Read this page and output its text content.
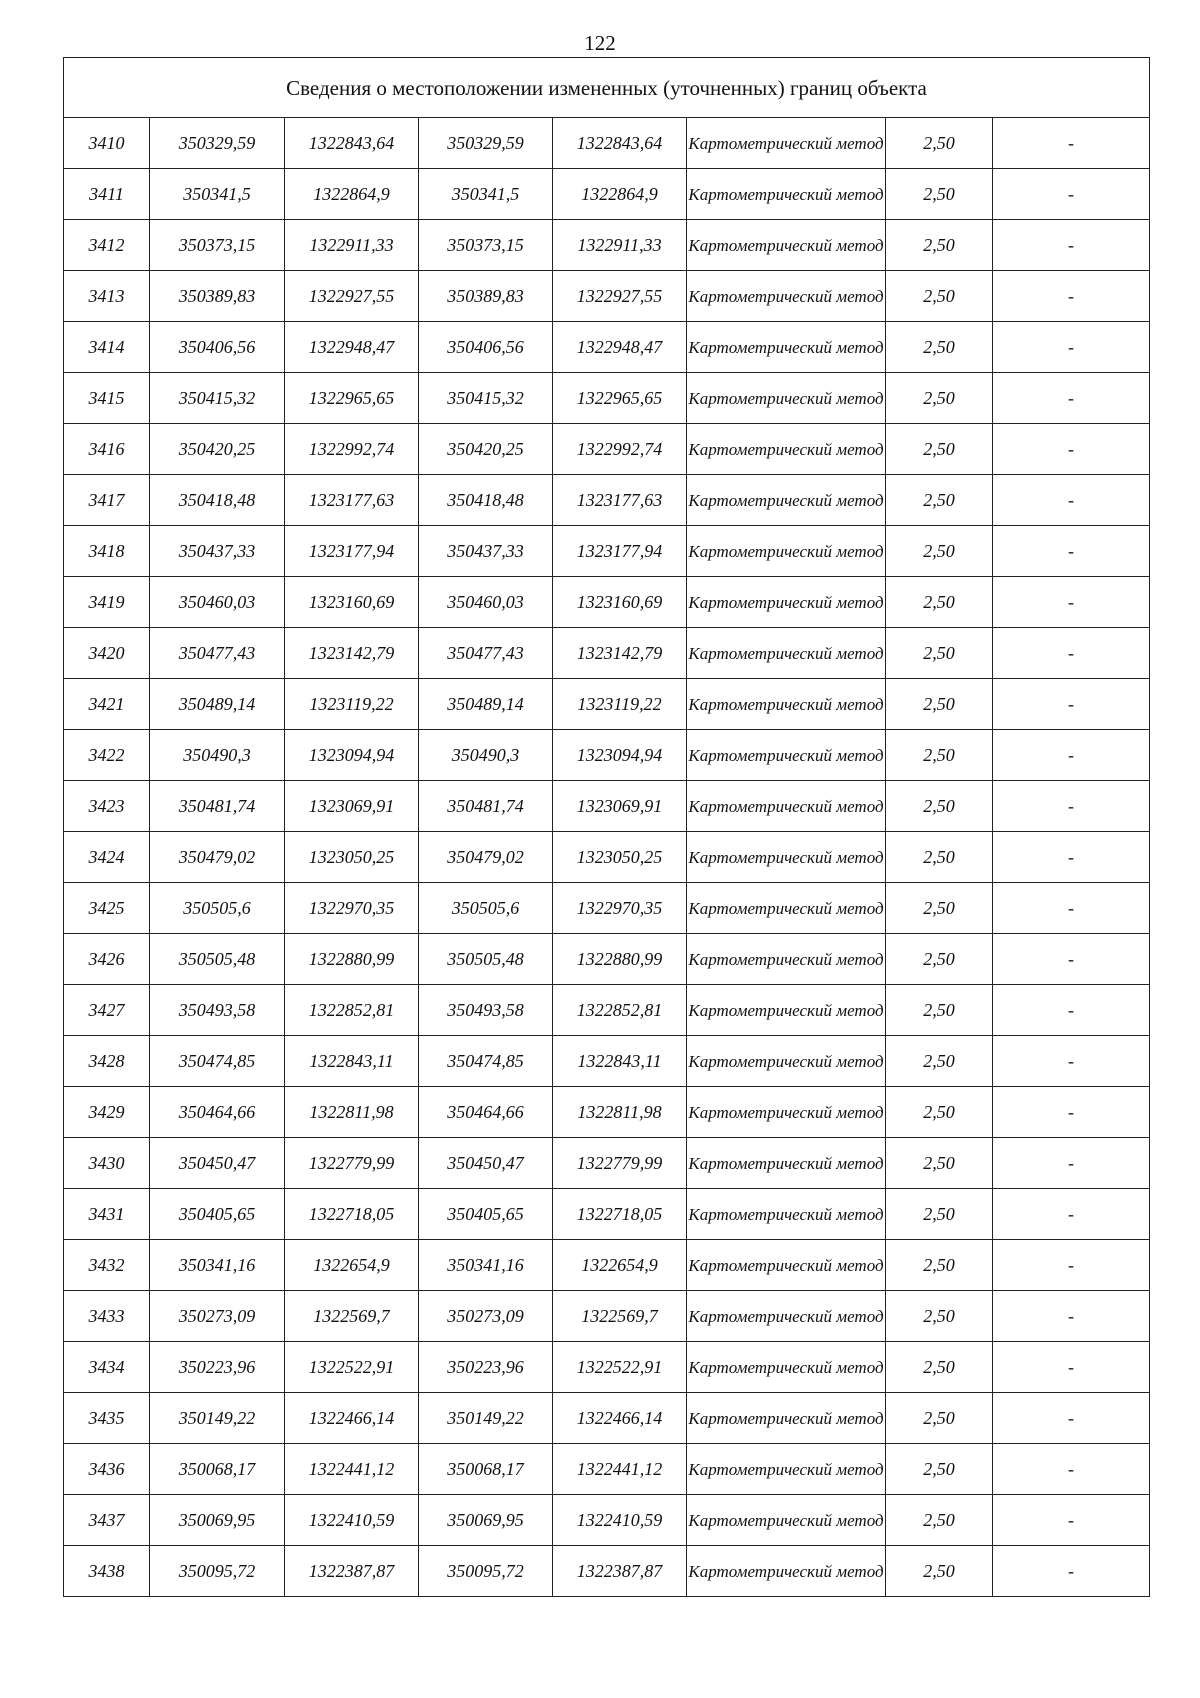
122
Сведения о местоположении измененных (уточненных) границ объекта							
3410	350329,59	1322843,64	350329,59	1322843,64	Картометрический метод	2,50	-
3411	350341,5	1322864,9	350341,5	1322864,9	Картометрический метод	2,50	-
3412	350373,15	1322911,33	350373,15	1322911,33	Картометрический метод	2,50	-
3413	350389,83	1322927,55	350389,83	1322927,55	Картометрический метод	2,50	-
3414	350406,56	1322948,47	350406,56	1322948,47	Картометрический метод	2,50	-
3415	350415,32	1322965,65	350415,32	1322965,65	Картометрический метод	2,50	-
3416	350420,25	1322992,74	350420,25	1322992,74	Картометрический метод	2,50	-
3417	350418,48	1323177,63	350418,48	1323177,63	Картометрический метод	2,50	-
3418	350437,33	1323177,94	350437,33	1323177,94	Картометрический метод	2,50	-
3419	350460,03	1323160,69	350460,03	1323160,69	Картометрический метод	2,50	-
3420	350477,43	1323142,79	350477,43	1323142,79	Картометрический метод	2,50	-
3421	350489,14	1323119,22	350489,14	1323119,22	Картометрический метод	2,50	-
3422	350490,3	1323094,94	350490,3	1323094,94	Картометрический метод	2,50	-
3423	350481,74	1323069,91	350481,74	1323069,91	Картометрический метод	2,50	-
3424	350479,02	1323050,25	350479,02	1323050,25	Картометрический метод	2,50	-
3425	350505,6	1322970,35	350505,6	1322970,35	Картометрический метод	2,50	-
3426	350505,48	1322880,99	350505,48	1322880,99	Картометрический метод	2,50	-
3427	350493,58	1322852,81	350493,58	1322852,81	Картометрический метод	2,50	-
3428	350474,85	1322843,11	350474,85	1322843,11	Картометрический метод	2,50	-
3429	350464,66	1322811,98	350464,66	1322811,98	Картометрический метод	2,50	-
3430	350450,47	1322779,99	350450,47	1322779,99	Картометрический метод	2,50	-
3431	350405,65	1322718,05	350405,65	1322718,05	Картометрический метод	2,50	-
3432	350341,16	1322654,9	350341,16	1322654,9	Картометрический метод	2,50	-
3433	350273,09	1322569,7	350273,09	1322569,7	Картометрический метод	2,50	-
3434	350223,96	1322522,91	350223,96	1322522,91	Картометрический метод	2,50	-
3435	350149,22	1322466,14	350149,22	1322466,14	Картометрический метод	2,50	-
3436	350068,17	1322441,12	350068,17	1322441,12	Картометрический метод	2,50	-
3437	350069,95	1322410,59	350069,95	1322410,59	Картометрический метод	2,50	-
3438	350095,72	1322387,87	350095,72	1322387,87	Картометрический метод	2,50	-
